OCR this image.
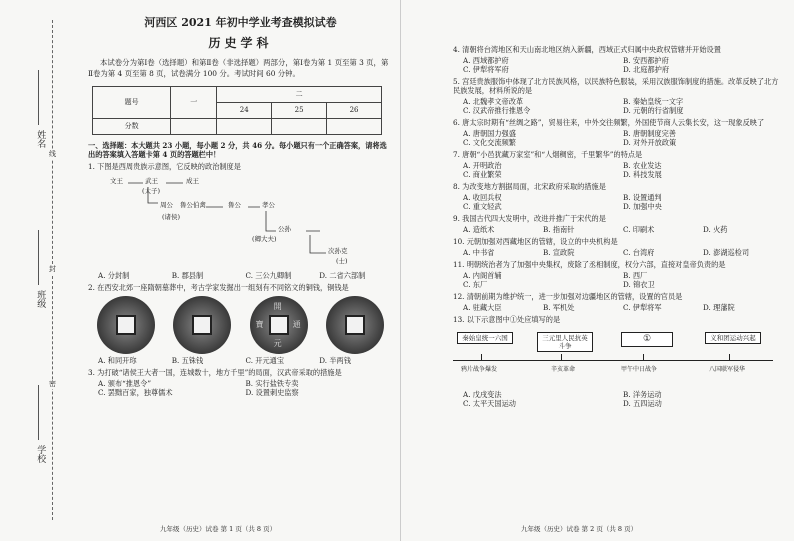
姓名
班级
学校
线
封
密
河西区 2021 年初中学业考查模拟试卷
历史学科
本试卷分为第Ⅰ卷（选择题）和第Ⅱ卷（非选择题）两部分，第Ⅰ卷为第 1 页至第 3 页，第Ⅱ卷为第 4 页至第 8 页，试卷满分 100 分。考试时间 60 分钟。
题号	一	二		
		24	25	26
分数				
一、选择题：本大题共 23 小题，每小题 2 分，共 46 分。每小题只有一个正确答案，请将选出的答案填入答题卡第 4 页的答题栏中！
1. 下图是西周贵族示意图，它反映的政治制度是
文王	武王	成王
(太子)
周公 鲁公伯禽	鲁公
(诸侯)
孝公
公孙
(卿大夫)
次孙克
(士)
A. 分封制	B. 郡县制	C. 三公九卿制	D. 二省六部制
2. 在西安北郊一座隋朝墓葬中，考古学家发掘出一组刻有不同铭文的铜钱，铜钱是
開
元
通
寶
A. 和同开珎	B. 五铢钱	C. 开元通宝	D. 半两钱
3. 为打破“诸侯王大者一国，连城数十，地方千里”的局面，汉武帝采取的措施是
A. 颁布“推恩令”	B. 实行盐铁专卖
C. 罢黜百家，独尊儒术	D. 设置刺史监察
九年级（历史）试卷 第 1 页（共 8 页）
4. 清朝将台湾地区和天山南北地区纳入新疆，西域正式归属中央政权管辖并开始设置
A. 西域都护府	B. 安西都护府
C. 伊犁将军府	D. 北庭都护府
5. 宫廷贵族服饰中体现了北方民族风格，以民族特色服装，采用汉族服饰制度的措施。改革反映了北方民族发展，材料所说的是
A. 北魏孝文帝改革	B. 秦始皇统一文字
C. 汉武帝推行推恩令	D. 元朝的行省制度
6. 唐太宗时期有“丝绸之路”，贸易往来，中外交往频繁，外国使节商人云集长安，这一现象反映了
A. 唐朝国力强盛	B. 唐朝制度完善
C. 文化交流频繁	D. 对外开放政策
7. 唐朝“小邑犹藏万家室”和“人烟稠密，千里繁华”的特点是
A. 开明政治	B. 农业发达
C. 商业繁荣	D. 科技发展
8. 为改变地方割据局面，北宋政府采取的措施是
A. 收回兵权	B. 设置通判
C. 重文轻武	D. 加强中央
9. 我国古代四大发明中，改进并推广于宋代的是
A. 造纸术	B. 指南针	C. 印刷术	D. 火药
10. 元朝加强对西藏地区的管辖，设立的中央机构是
A. 中书省	B. 宣政院	C. 台湾府	D. 澎湖巡检司
11. 明朝统治者为了加强中央集权，废除了丞相制度，权分六部，直接对皇帝负责的是
A. 内阁首辅	B. 西厂
C. 东厂	D. 锦衣卫
12. 清朝前期为维护统一，进一步加强对边疆地区的管辖，设置的官员是
A. 驻藏大臣	B. 军机处	C. 伊犁将军	D. 理藩院
13. 以下示意图中①处应填写的是
秦始皇统一六国	三元里人民抗英斗争
①	义和团运动兴起
鸦片战争爆发	辛亥革命	甲午中日战争	八国联军侵华
A. 戊戌变法	B. 洋务运动
C. 太平天国运动	D. 五四运动
九年级（历史）试卷 第 2 页（共 8 页）
